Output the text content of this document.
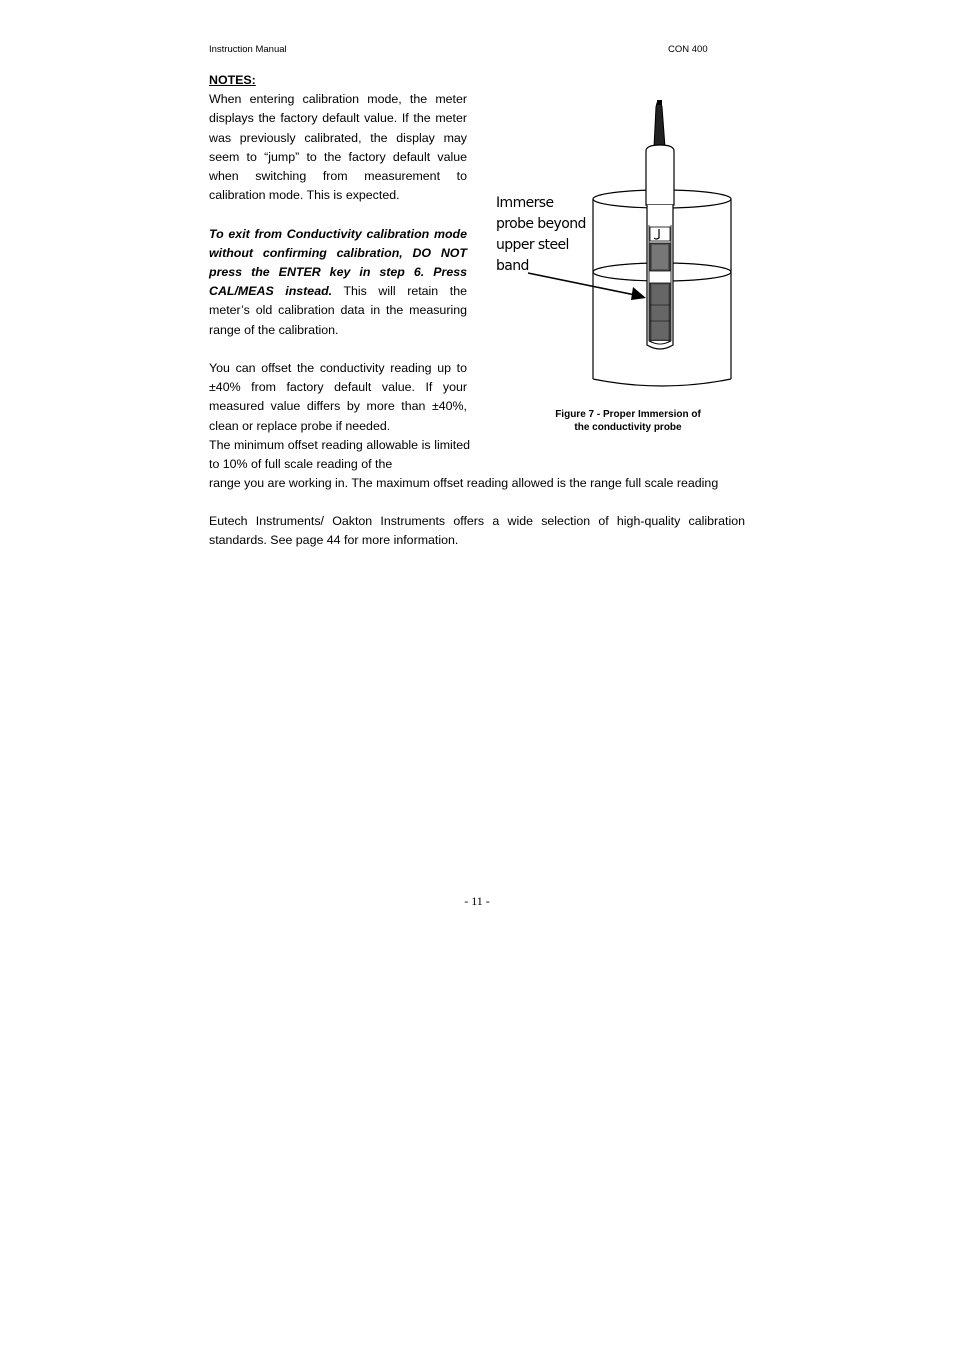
Instruction Manual	CON 400

NOTES:

When entering calibration mode, the meter displays the factory default value. If the meter was previously calibrated, the display may seem to “jump” to the factory default value when switching from measurement to calibration mode. This is expected.

To exit from Conductivity calibration mode without confirming calibration, DO NOT press the ENTER key in step 6. Press CAL/MEAS instead. This will retain the meter’s old calibration data in the measuring range of the calibration.

You can offset the conductivity reading up to ±40% from factory default value. If your measured value differs by more than ±40%, clean or replace probe if needed.

The minimum offset reading allowable is limited to 10% of full scale reading of the

range you are working in. The maximum offset reading allowed is the range full scale reading

Eutech Instruments/ Oakton Instruments offers a wide selection of high-quality calibration standards. See page 44 for more information.

Immerse
probe beyond
upper steel
band
Figure 7 - Proper Immersion of
the conductivity probe
- 11 -
